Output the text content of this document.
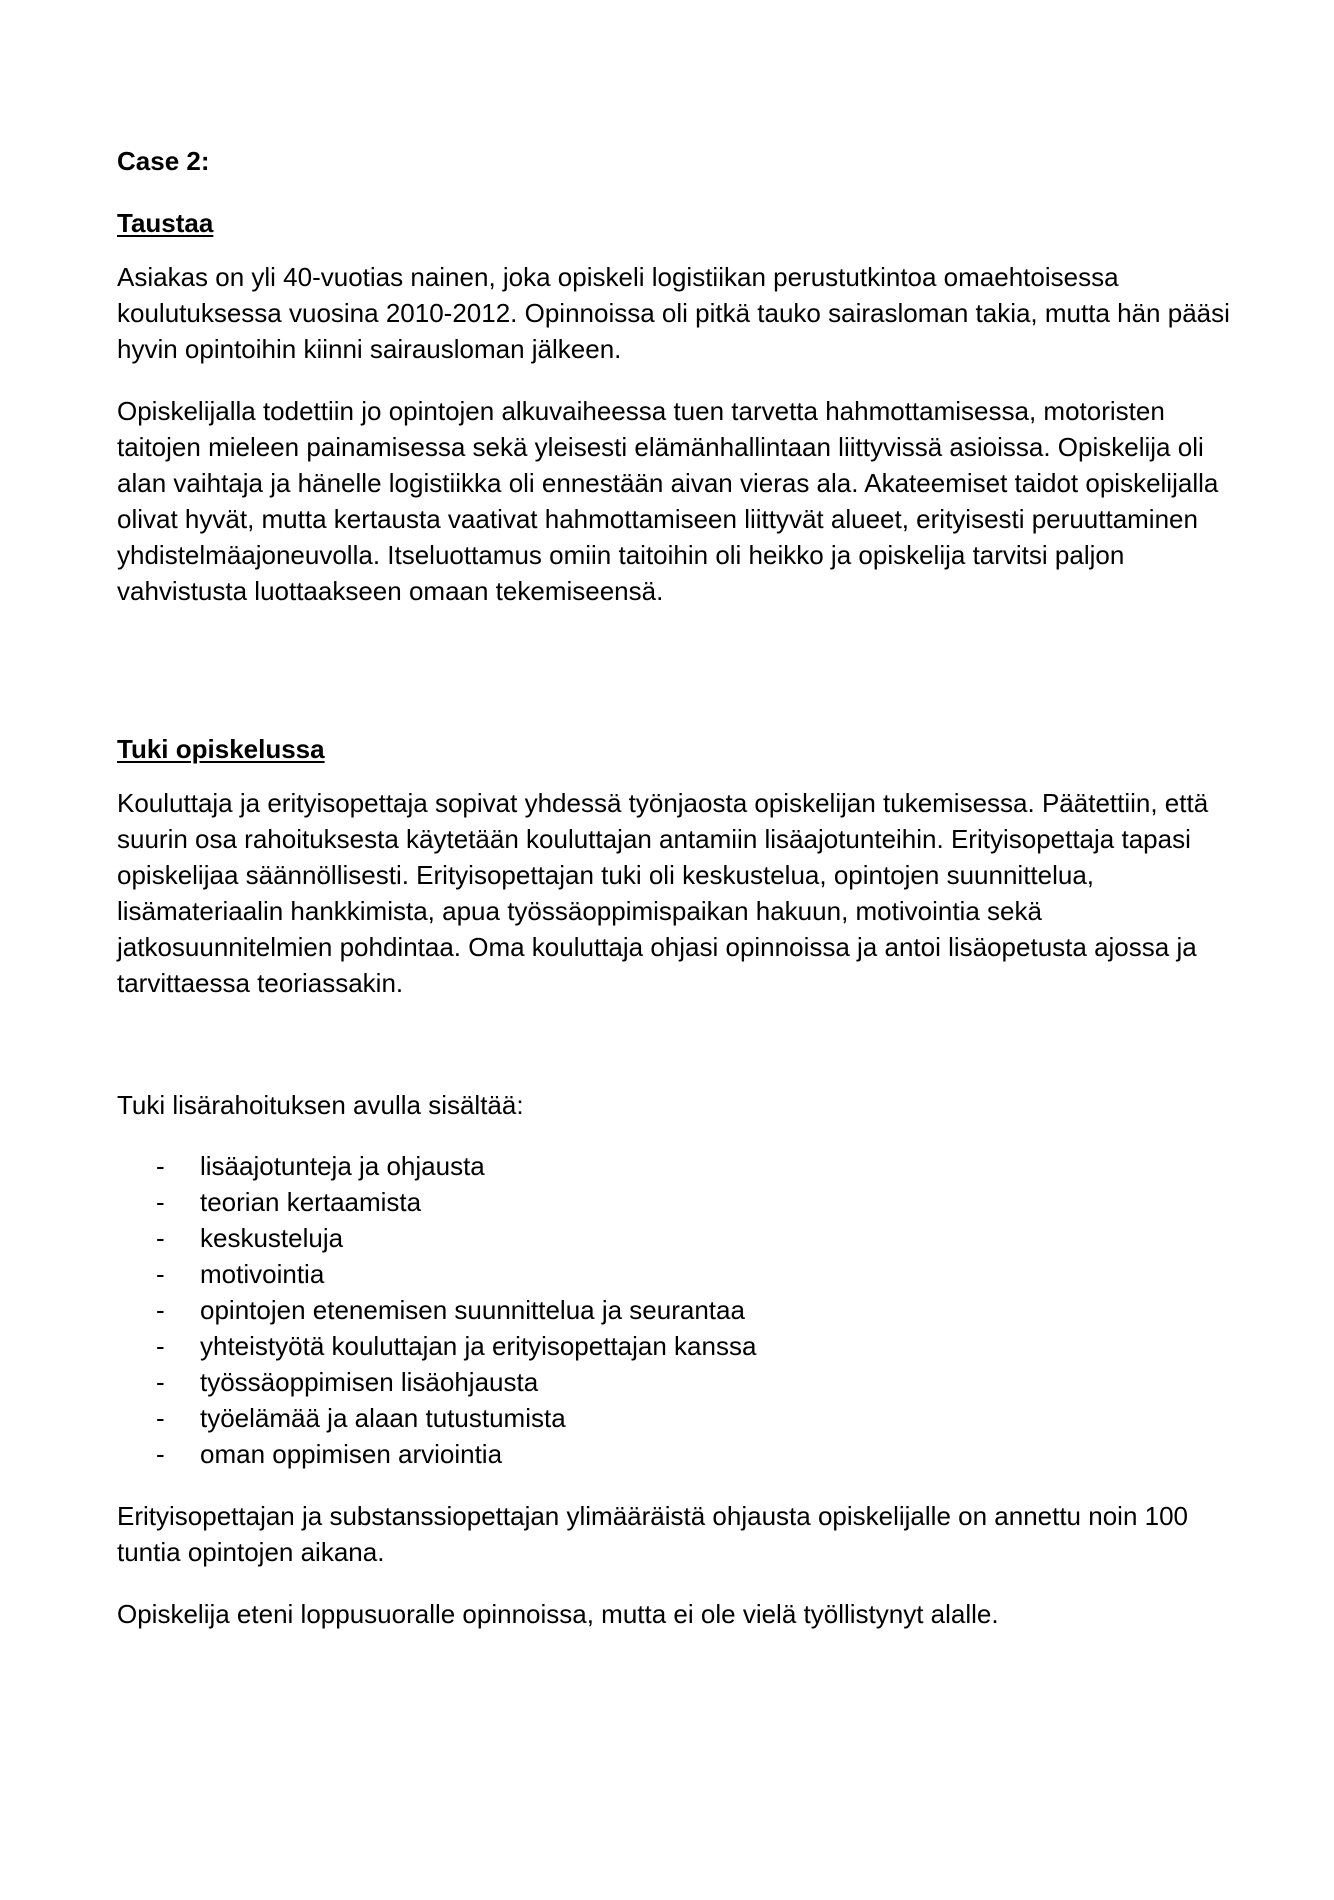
Case 2:

Taustaa

Asiakas on yli 40-vuotias nainen, joka opiskeli logistiikan perustutkintoa omaehtoisessa koulutuksessa vuosina 2010-2012. Opinnoissa oli pitkä tauko sairasloman takia, mutta hän pääsi hyvin opintoihin kiinni sairausloman jälkeen.

Opiskelijalla todettiin jo opintojen alkuvaiheessa tuen tarvetta hahmottamisessa, motoristen taitojen mieleen painamisessa sekä yleisesti elämänhallintaan liittyvissä asioissa. Opiskelija oli alan vaihtaja ja hänelle logistiikka oli ennestään aivan vieras ala. Akateemiset taidot opiskelijalla olivat hyvät, mutta kertausta vaativat hahmottamiseen liittyvät alueet, erityisesti peruuttaminen yhdistelmäajoneuvolla. Itseluottamus omiin taitoihin oli heikko ja opiskelija tarvitsi paljon vahvistusta luottaakseen omaan tekemiseensä.

Tuki opiskelussa

Kouluttaja ja erityisopettaja sopivat yhdessä työnjaosta opiskelijan tukemisessa. Päätettiin, että suurin osa rahoituksesta käytetään kouluttajan antamiin lisäajotunteihin. Erityisopettaja tapasi opiskelijaa säännöllisesti. Erityisopettajan tuki oli keskustelua, opintojen suunnittelua, lisämateriaalin hankkimista, apua työssäoppimispaikan hakuun, motivointia sekä jatkosuunnitelmien pohdintaa. Oma kouluttaja ohjasi opinnoissa ja antoi lisäopetusta ajossa ja tarvittaessa teoriassakin.

Tuki lisärahoituksen avulla sisältää:

- lisäajotunteja ja ohjausta
- teorian kertaamista
- keskusteluja
- motivointia
- opintojen etenemisen suunnittelua ja seurantaa
- yhteistyötä kouluttajan ja erityisopettajan kanssa
- työssäoppimisen lisäohjausta
- työelämää ja alaan tutustumista
- oman oppimisen arviointia

Erityisopettajan ja substanssiopettajan ylimääräistä ohjausta opiskelijalle on annettu noin 100 tuntia opintojen aikana.

Opiskelija eteni loppusuoralle opinnoissa, mutta ei ole vielä työllistynyt alalle.
